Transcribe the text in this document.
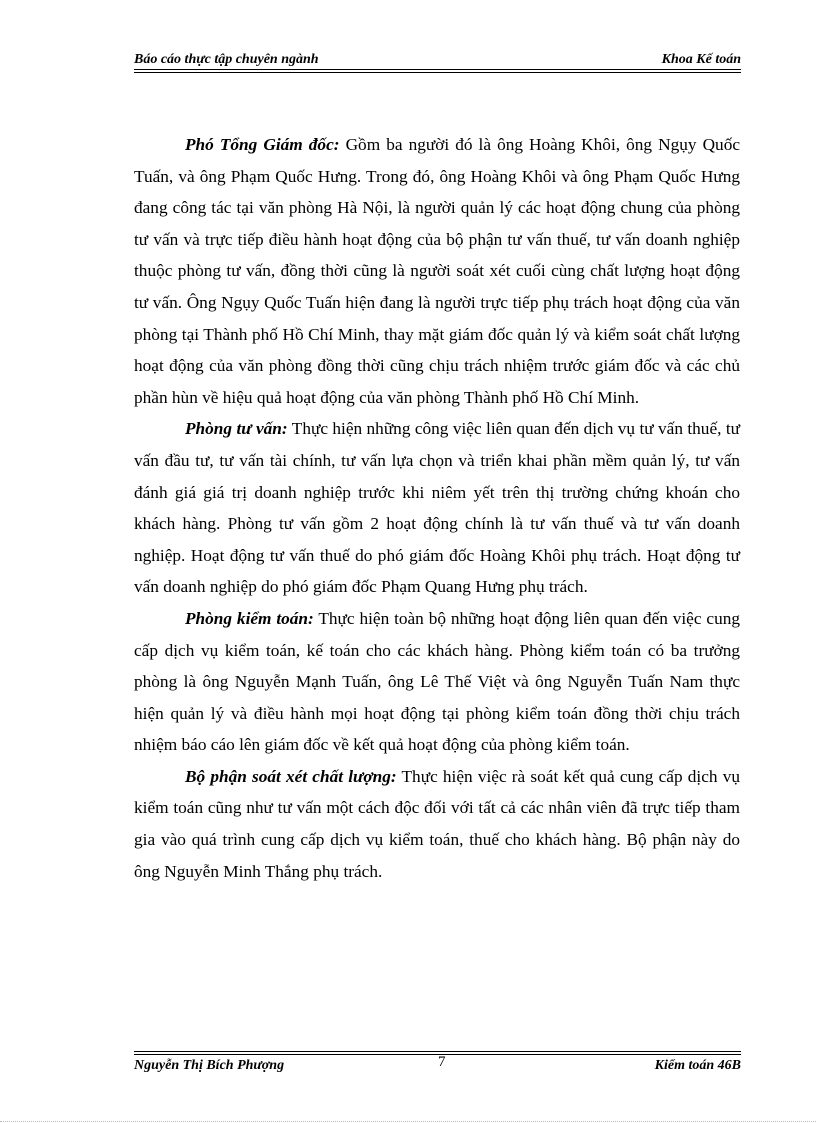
Báo cáo thực tập chuyên ngành	Khoa Kế toán

Phó Tổng Giám đốc: Gồm ba người đó là ông Hoàng Khôi, ông Ngụy Quốc Tuấn, và ông Phạm Quốc Hưng. Trong đó, ông Hoàng Khôi và ông Phạm Quốc Hưng đang công tác tại văn phòng Hà Nội, là người quản lý các hoạt động chung của phòng tư vấn và trực tiếp điều hành hoạt động của bộ phận tư vấn thuế, tư vấn doanh nghiệp thuộc phòng tư vấn, đồng thời cũng là người soát xét cuối cùng chất lượng hoạt động tư vấn. Ông Ngụy Quốc Tuấn hiện đang là người trực tiếp phụ trách hoạt động của văn phòng tại Thành phố Hồ Chí Minh, thay mặt giám đốc quản lý và kiểm soát chất lượng hoạt động của văn phòng đồng thời cũng chịu trách nhiệm trước giám đốc và các chủ phần hùn về hiệu quả hoạt động của văn phòng Thành phố Hồ Chí Minh.

Phòng tư vấn: Thực hiện những công việc liên quan đến dịch vụ tư vấn thuế, tư vấn đầu tư, tư vấn tài chính, tư vấn lựa chọn và triển khai phần mềm quản lý, tư vấn đánh giá giá trị doanh nghiệp trước khi niêm yết trên thị trường chứng khoán cho khách hàng. Phòng tư vấn gồm 2 hoạt động chính là tư vấn thuế và tư vấn doanh nghiệp. Hoạt động tư vấn thuế do phó giám đốc Hoàng Khôi phụ trách. Hoạt động tư vấn doanh nghiệp do phó giám đốc Phạm Quang Hưng phụ trách.

Phòng kiểm toán: Thực hiện toàn bộ những hoạt động liên quan đến việc cung cấp dịch vụ kiểm toán, kế toán cho các khách hàng. Phòng kiểm toán có ba trưởng phòng là ông Nguyễn Mạnh Tuấn, ông Lê Thế Việt và ông Nguyễn Tuấn Nam thực hiện quản lý và điều hành mọi hoạt động tại phòng kiểm toán đồng thời chịu trách nhiệm báo cáo lên giám đốc về kết quả hoạt động của phòng kiểm toán.

Bộ phận soát xét chất lượng: Thực hiện việc rà soát kết quả cung cấp dịch vụ kiểm toán cũng như tư vấn một cách độc đối với tất cả các nhân viên đã trực tiếp tham gia vào quá trình cung cấp dịch vụ kiểm toán, thuế cho khách hàng. Bộ phận này do ông Nguyễn Minh Thắng phụ trách.

Nguyễn Thị Bích Phượng	7	Kiểm toán 46B
